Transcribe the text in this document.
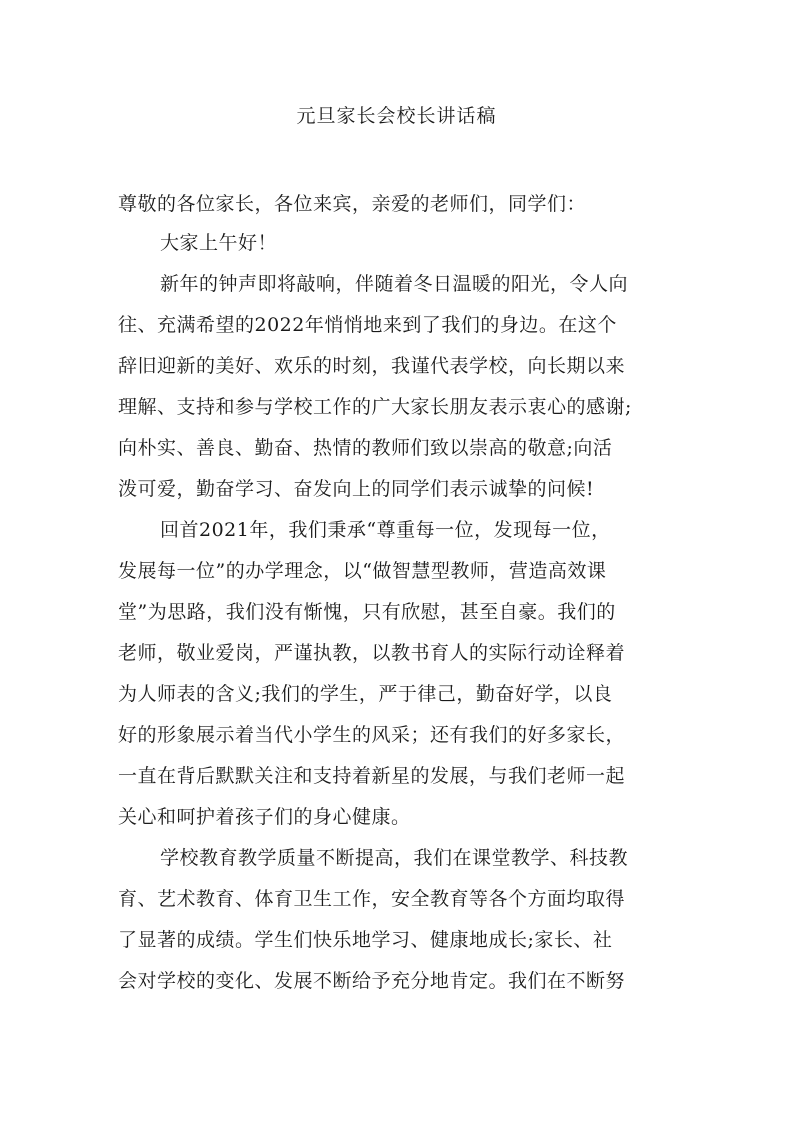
元旦家长会校长讲话稿
尊敬的各位家长，各位来宾，亲爱的老师们，同学们：
大家上午好！
新年的钟声即将敲响，伴随着冬日温暖的阳光，令人向
往、充满希望的2022年悄悄地来到了我们的身边。在这个
辞旧迎新的美好、欢乐的时刻，我谨代表学校，向长期以来
理解、支持和参与学校工作的广大家长朋友表示衷心的感谢;
向朴实、善良、勤奋、热情的教师们致以崇高的敬意;向活
泼可爱，勤奋学习、奋发向上的同学们表示诚挚的问候!
回首2021年，我们秉承“尊重每一位，发现每一位，
发展每一位”的办学理念，以“做智慧型教师，营造高效课
堂”为思路，我们没有惭愧，只有欣慰，甚至自豪。我们的
老师，敬业爱岗，严谨执教，以教书育人的实际行动诠释着
为人师表的含义;我们的学生，严于律己，勤奋好学，以良
好的形象展示着当代小学生的风采；还有我们的好多家长，
一直在背后默默关注和支持着新星的发展，与我们老师一起
关心和呵护着孩子们的身心健康。
学校教育教学质量不断提高，我们在课堂教学、科技教
育、艺术教育、体育卫生工作，安全教育等各个方面均取得
了显著的成绩。学生们快乐地学习、健康地成长;家长、社
会对学校的变化、发展不断给予充分地肯定。我们在不断努
